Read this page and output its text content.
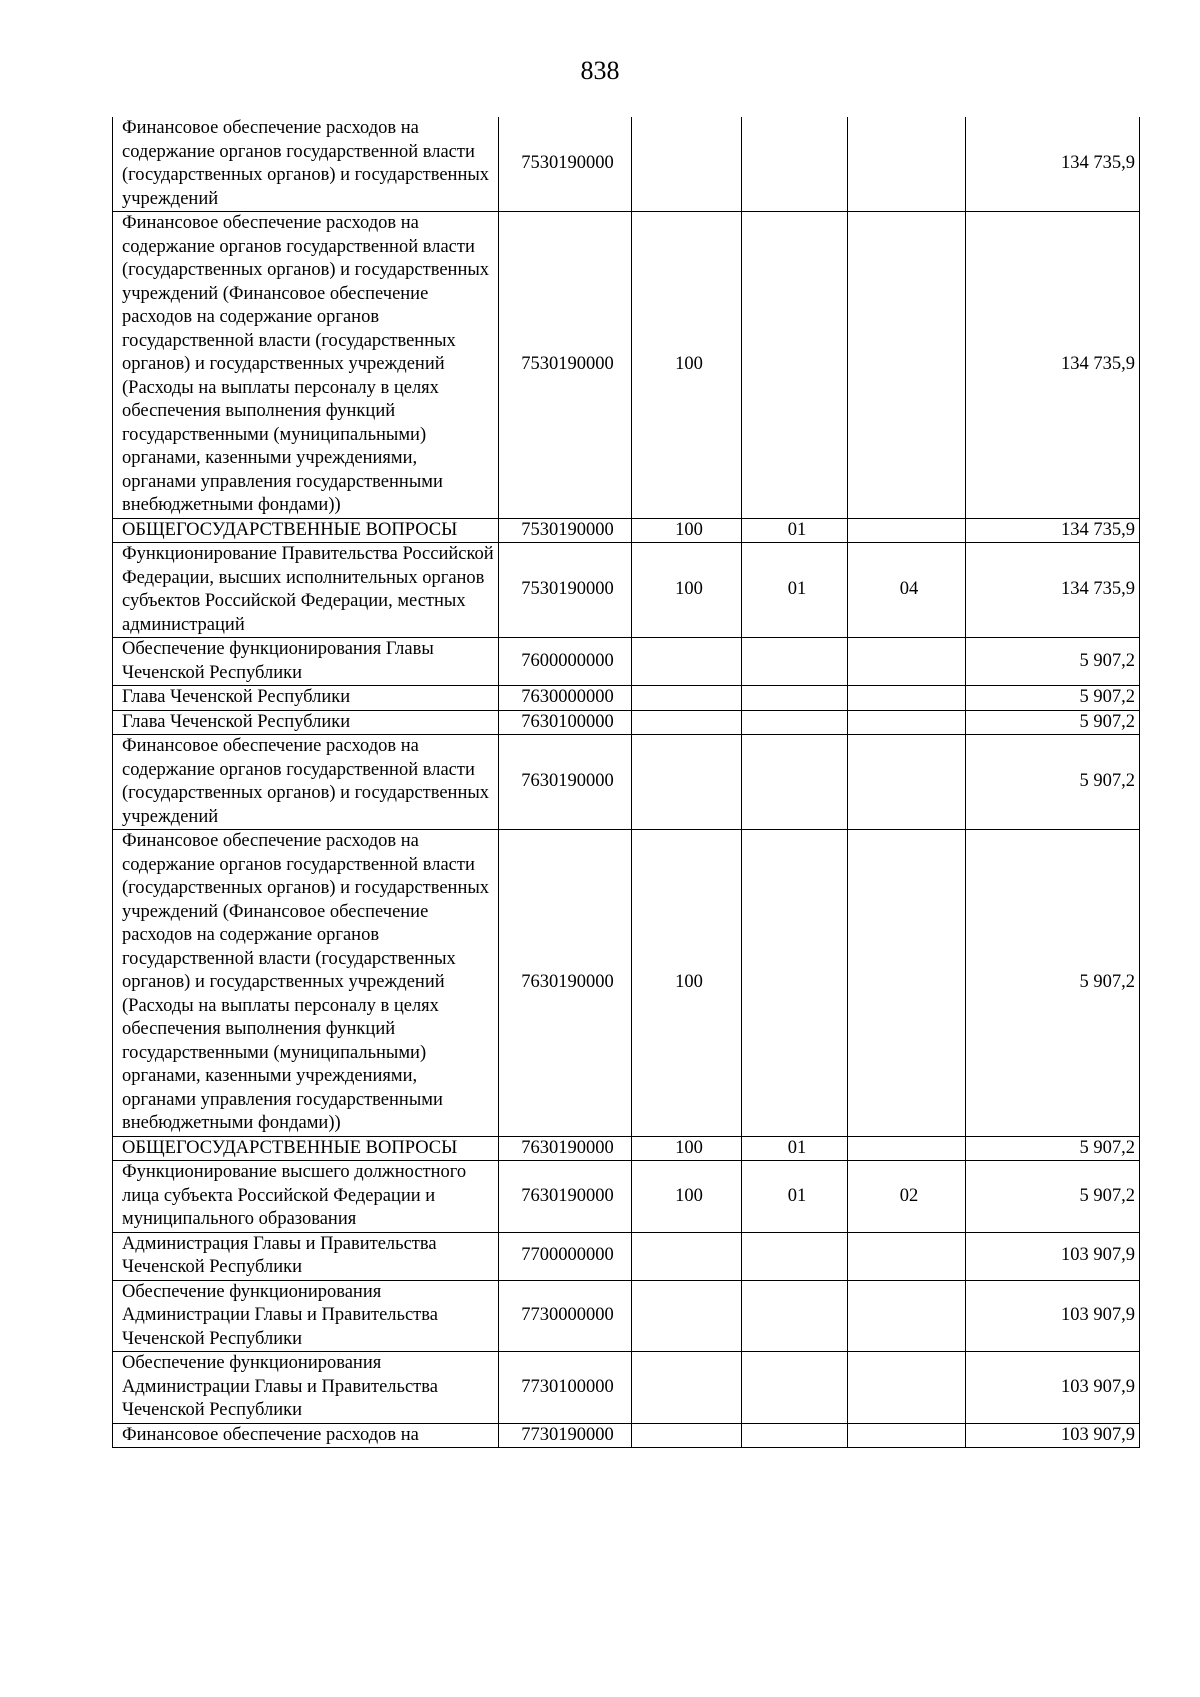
838
Финансовое обеспечение расходов на содержание органов государственной власти (государственных органов) и государственных учреждений	7530190000				134 735,9
Финансовое обеспечение расходов на содержание органов государственной власти (государственных органов) и государственных учреждений (Финансовое обеспечение расходов на содержание органов государственной власти (государственных органов) и государственных учреждений (Расходы на выплаты персоналу в целях обеспечения выполнения функций государственными (муниципальными) органами, казенными учреждениями, органами управления государственными внебюджетными фондами))	7530190000	100			134 735,9
ОБЩЕГОСУДАРСТВЕННЫЕ ВОПРОСЫ	7530190000	100	01		134 735,9
Функционирование Правительства Российской Федерации, высших исполнительных органов субъектов Российской Федерации, местных администраций	7530190000	100	01	04	134 735,9
Обеспечение функционирования Главы Чеченской Республики	7600000000				5 907,2
Глава Чеченской Республики	7630000000				5 907,2
Глава Чеченской Республики	7630100000				5 907,2
Финансовое обеспечение расходов на содержание органов государственной власти (государственных органов) и государственных учреждений	7630190000				5 907,2
Финансовое обеспечение расходов на содержание органов государственной власти (государственных органов) и государственных учреждений (Финансовое обеспечение расходов на содержание органов государственной власти (государственных органов) и государственных учреждений (Расходы на выплаты персоналу в целях обеспечения выполнения функций государственными (муниципальными) органами, казенными учреждениями, органами управления государственными внебюджетными фондами))	7630190000	100			5 907,2
ОБЩЕГОСУДАРСТВЕННЫЕ ВОПРОСЫ	7630190000	100	01		5 907,2
Функционирование высшего должностного лица субъекта Российской Федерации и муниципального образования	7630190000	100	01	02	5 907,2
Администрация Главы и Правительства Чеченской Республики	7700000000				103 907,9
Обеспечение функционирования Администрации Главы и Правительства Чеченской Республики	7730000000				103 907,9
Обеспечение функционирования Администрации Главы и Правительства Чеченской Республики	7730100000				103 907,9
Финансовое обеспечение расходов на	7730190000				103 907,9
